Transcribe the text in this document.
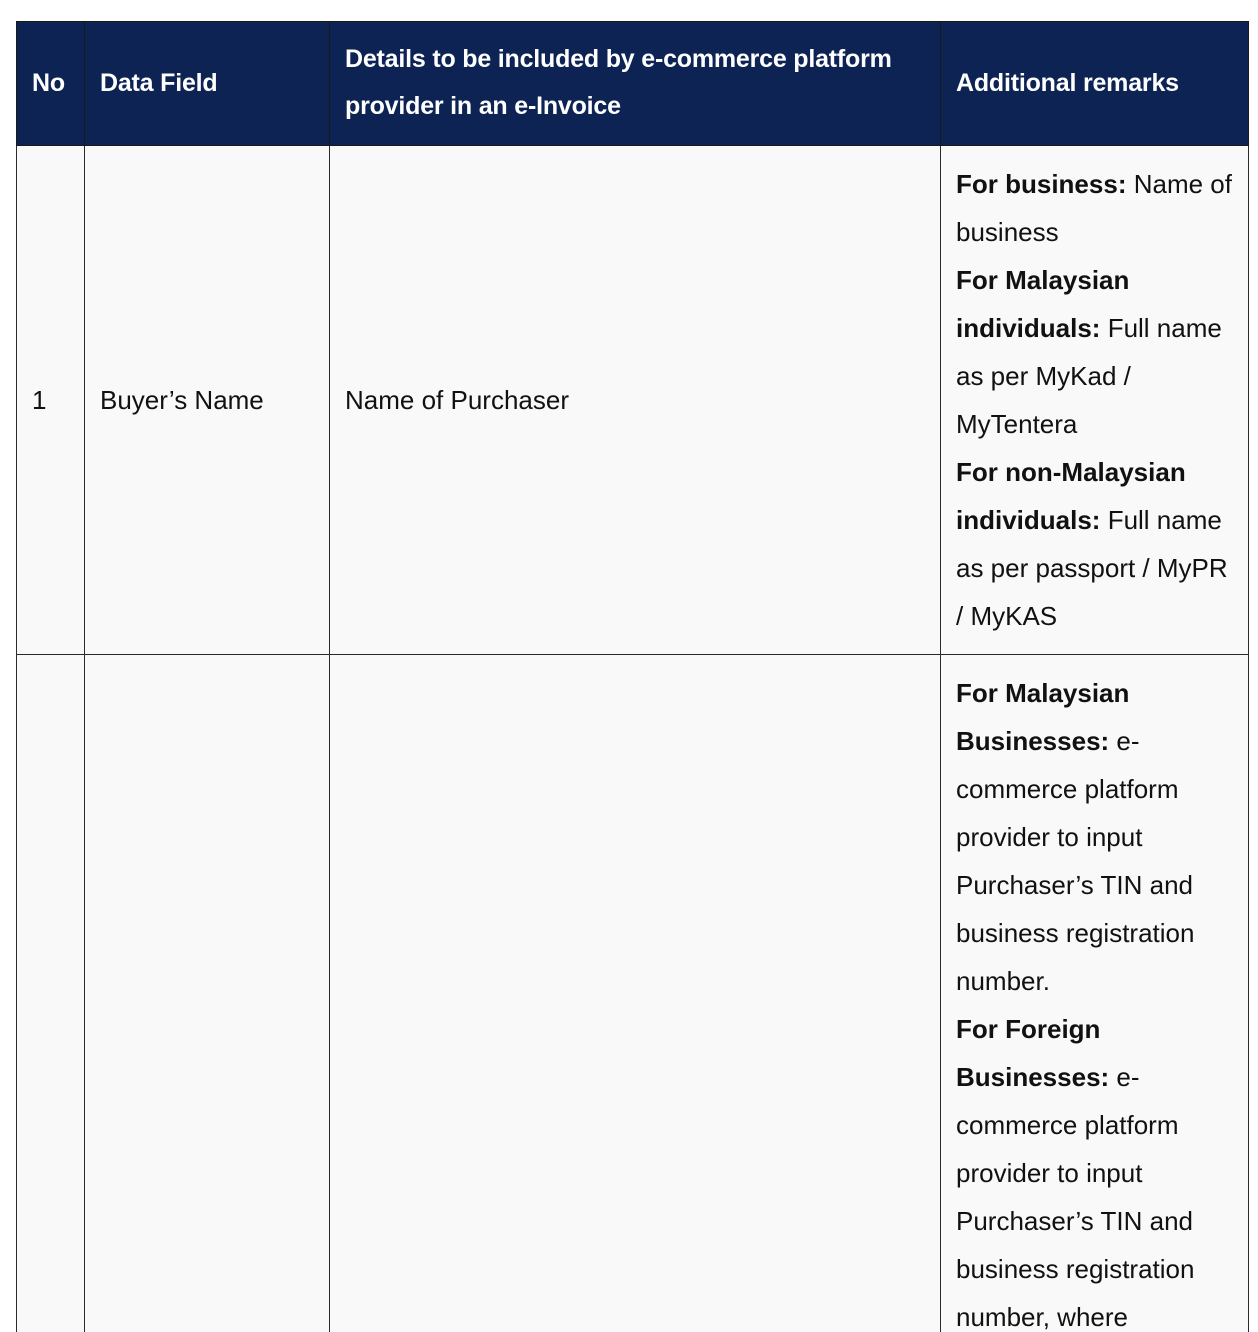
No	Data Field	Details to be included by e-commerce platform provider in an e-Invoice	Additional remarks
1	Buyer’s Name	Name of Purchaser	For business: Name of business
For Malaysian individuals: Full name as per MyKad / MyTentera
For non-Malaysian individuals: Full name as per passport / MyPR / MyKAS

			For Malaysian Businesses: e-commerce platform provider to input Purchaser’s TIN and business registration number.
For Foreign Businesses: e-commerce platform provider to input Purchaser’s TIN and business registration number, where
